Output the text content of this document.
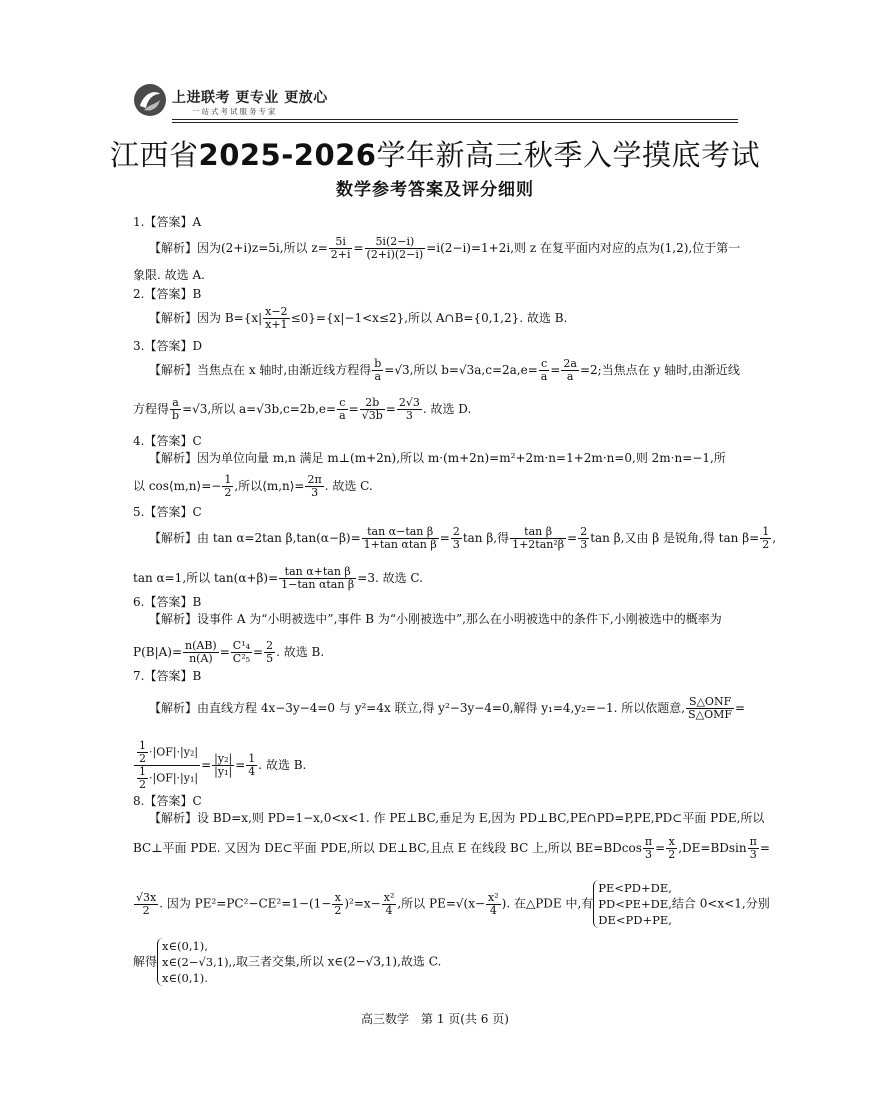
上进联考 更专业 更放心
一站式考试服务专家
江西省2025-2026学年新高三秋季入学摸底考试
数学参考答案及评分细则
1.【答案】A
【解析】因为(2+i)z=5i,所以 $z= \frac{5i}{2+i} = \frac{5i(2-i)}{(2+i)(2-i)} =i(2-i)=1+2i$,则 z 在复平面内对应的点为(1,2),位于第一
象限. 故选 A.
2.【答案】B
【解析】因为 $B=\{x| \frac{x-2}{x+1} \le 0\}=\{x|-1<x\le 2\}$,所以 A∩B={0,1,2}. 故选 B.
3.【答案】D
【解析】当焦点在 x 轴时,由渐近线方程得 $\frac{b}{a} =√3$,所以 $b=√3a,c=2a,e= \frac{c}{a} = \frac{2a}{a} =2$;当焦点在 y 轴时,由渐近线
方程得 $\frac{a}{b} =√3$,所以 $a=√3b,c=2b,e= \frac{c}{a} = \frac{2b}{√3b} = \frac{2√3}{3}$ . 故选 D.
4.【答案】C
【解析】因为单位向量 m,n 满足 m⊥(m+2n),所以 m·(m+2n)=m²+2m·n=1+2m·n=0,则 2m·n=−1,所
以 cos⟨m,n⟩=− $\frac{1}{2}$ ,所以⟨m,n⟩= $\frac{2\pi}{3}$ . 故选 C.
5.【答案】C
【解析】由 tan α=2tan $\beta,\tan(\alpha-\beta)= \frac{\text{tan α−tan β}}{\text{1+tan αtan β}} = \frac{2}{3}$ tan β,得 $\frac{\text{tan β}}{\text{1+2tan²β}} = \frac{2}{3}$ tan β,又由 β 是锐角,得 $\tan \beta= \frac{1}{2}$ ,
tan α=1,所以 $\tan(\alpha+\beta)= \frac{\text{tan α+tan β}}{\text{1−tan αtan β}} =3$. 故选 C.
6.【答案】B
【解析】设事件 A 为“小明被选中”,事件 B 为“小刚被选中”,那么在小明被选中的条件下,小刚被选中的概率为
$P(B|A)= \frac{n(AB)}{n(A)} = \frac{\text{C¹₄}}{\text{C²₅}} = \frac{2}{5}$ . 故选 B.
7.【答案】B
【解析】由直线方程 4x−3y−4=0 与 y²=4x 联立,得 y²−3y−4=0,解得 y₁=4,y₂=−1. 所以依题意, $\frac{\text{S△ONF}}{\text{S△OMF}}$ =
$\frac{\frac{1}{2} \cdot|OF|\cdot|y_2|}{\frac{1}{2} \cdot|OF|\cdot|y_1|} = \frac{\text{|y₂|}}{\text{|y₁|}} = \frac{1}{4}$ . 故选 B.
8.【答案】C
【解析】设 BD=x,则 PD=1−x,0<x<1. 作 PE⊥BC,垂足为 E,因为 PD⊥BC,PE∩PD=P,PE,PD⊂平面 PDE,所以
BC⊥平面 PDE. 又因为 DE⊂平面 PDE,所以 DE⊥BC,且点 E 在线段 BC 上,所以 $BE=BDcos \frac{\pi}{3} = \frac{x}{2} ,DE=BDsin \frac{\pi}{3}$ =
$\frac{√3x}{2}$ . 因为 $PE^2=PC^2-CE^2=1-(1- \frac{x}{2} )^2=x- \frac{\text{x²}}{4}$ ,所以 $PE=√(x- \frac{\text{x²}}{4}$ ). 在△PDE 中,有
PE<PD+DE,
PD<PE+DE,
DE<PD+PE,
结合 0<x<1,分别
解得
x∈(0,1),
x∈(2−√3,1),
x∈(0,1).
,取三者交集,所以 x∈(2−√3,1),故选 C.
高三数学　第 1 页(共 6 页)
